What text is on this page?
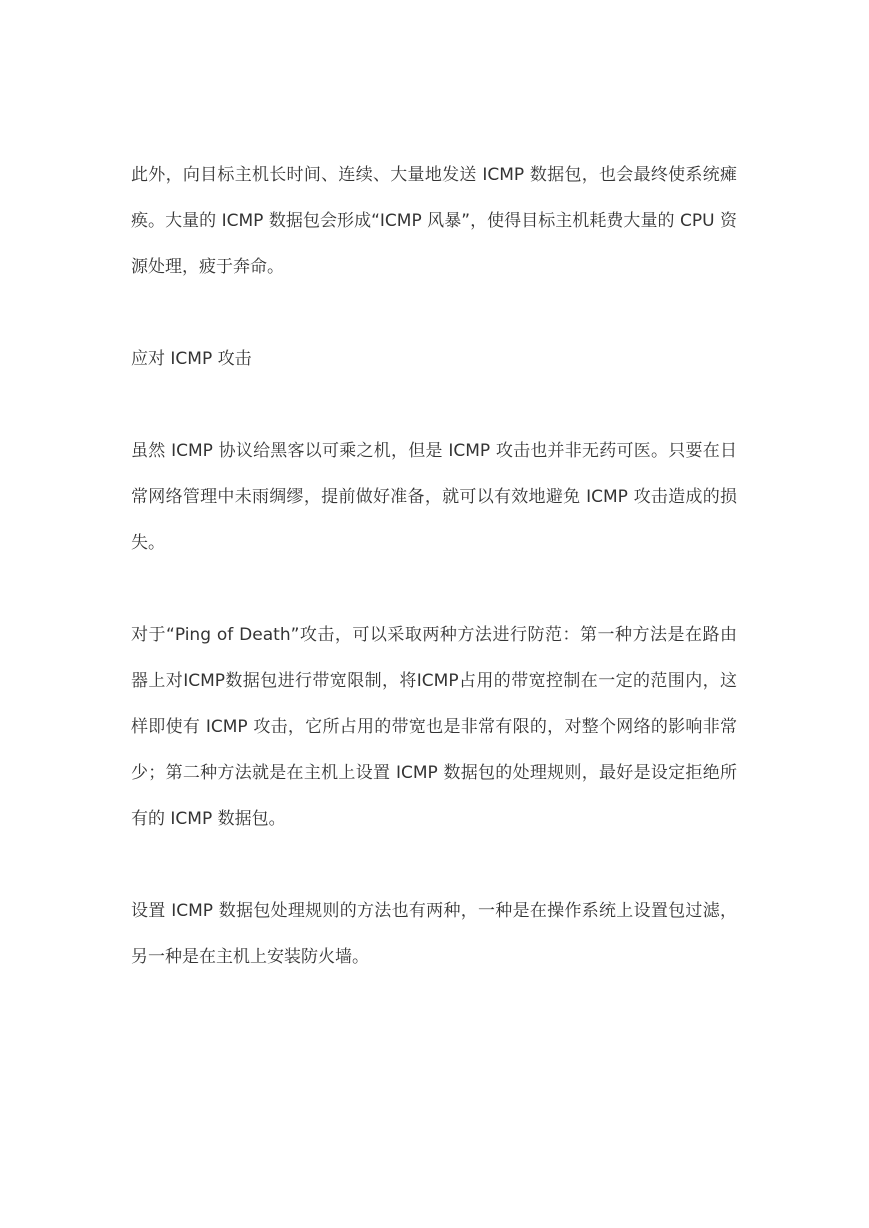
此外，向目标主机长时间、连续、大量地发送 ICMP 数据包，也会最终使系统瘫痪。大量的 ICMP 数据包会形成“ICMP 风暴”，使得目标主机耗费大量的 CPU 资源处理，疲于奔命。

应对 ICMP 攻击

虽然 ICMP 协议给黑客以可乘之机，但是 ICMP 攻击也并非无药可医。只要在日常网络管理中未雨绸缪，提前做好准备，就可以有效地避免 ICMP 攻击造成的损失。

对于“Ping of Death”攻击，可以采取两种方法进行防范：第一种方法是在路由器上对ICMP数据包进行带宽限制，将ICMP占用的带宽控制在一定的范围内，这样即使有 ICMP 攻击，它所占用的带宽也是非常有限的，对整个网络的影响非常少；第二种方法就是在主机上设置 ICMP 数据包的处理规则，最好是设定拒绝所有的 ICMP 数据包。

设置 ICMP 数据包处理规则的方法也有两种，一种是在操作系统上设置包过滤，另一种是在主机上安装防火墙。
